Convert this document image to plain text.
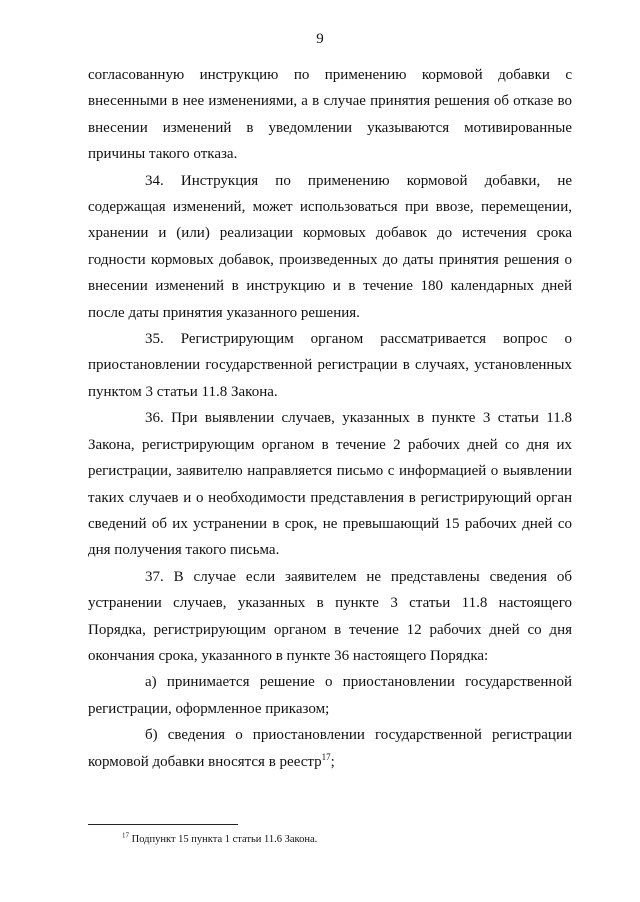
9

согласованную инструкцию по применению кормовой добавки с внесенными в нее изменениями, а в случае принятия решения об отказе во внесении изменений в уведомлении указываются мотивированные причины такого отказа.

34. Инструкция по применению кормовой добавки, не содержащая изменений, может использоваться при ввозе, перемещении, хранении и (или) реализации кормовых добавок до истечения срока годности кормовых добавок, произведенных до даты принятия решения о внесении изменений в инструкцию и в течение 180 календарных дней после даты принятия указанного решения.

35. Регистрирующим органом рассматривается вопрос о приостановлении государственной регистрации в случаях, установленных пунктом 3 статьи 11.8 Закона.

36. При выявлении случаев, указанных в пункте 3 статьи 11.8 Закона, регистрирующим органом в течение 2 рабочих дней со дня их регистрации, заявителю направляется письмо с информацией о выявлении таких случаев и о необходимости представления в регистрирующий орган сведений об их устранении в срок, не превышающий 15 рабочих дней со дня получения такого письма.

37. В случае если заявителем не представлены сведения об устранении случаев, указанных в пункте 3 статьи 11.8 настоящего Порядка, регистрирующим органом в течение 12 рабочих дней со дня окончания срока, указанного в пункте 36 настоящего Порядка:

а) принимается решение о приостановлении государственной регистрации, оформленное приказом;

б) сведения о приостановлении государственной регистрации кормовой добавки вносятся в реестр$^{17}$;

$^{17}$ Подпункт 15 пункта 1 статьи 11.6 Закона.
